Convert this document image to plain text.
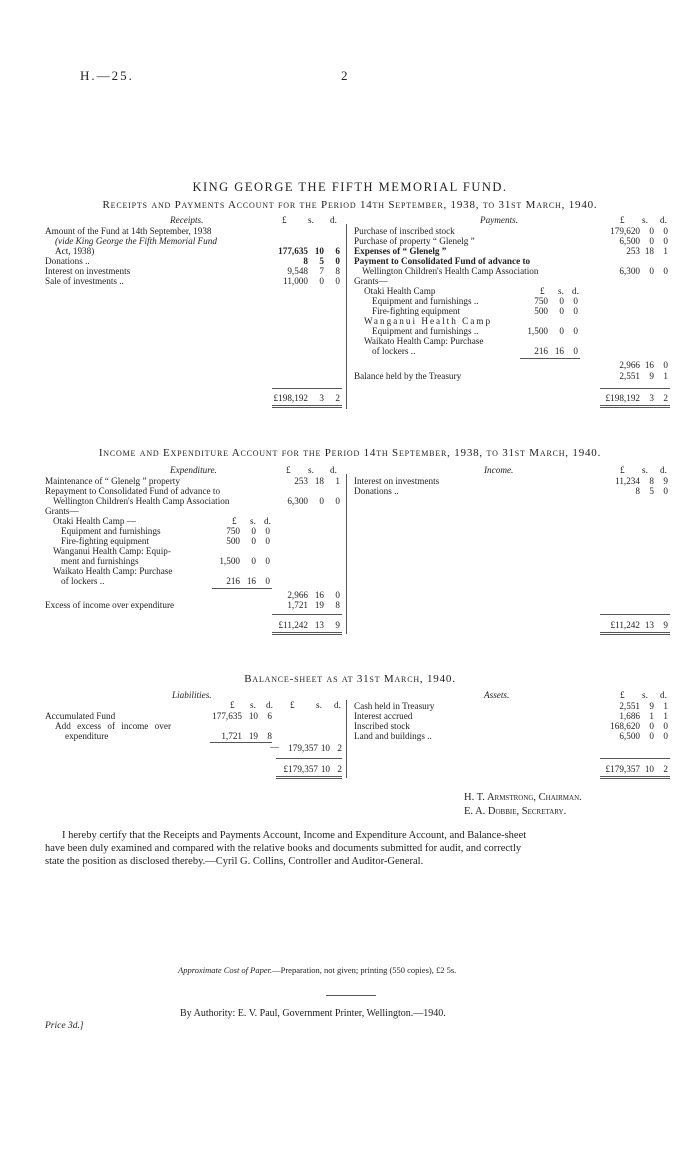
H.—25.	2
KING GEORGE THE FIFTH MEMORIAL FUND.
Receipts and Payments Account for the Period 14th September, 1938, to 31st March, 1940.
Receipts.	Payments.
£ s. d.	£ s. d.
Amount of the Fund at 14th September, 1938
(vide King George the Fifth Memorial Fund
Act, 1938)	177,635 10	6
Donations ..	8	5	0
Interest on investments	9,548	7	8
Sale of investments ..	11,000	0	0
£198,192	3	2
Purchase of inscribed stock	179,620	0	0
Purchase of property “ Glenelg ”	6,500	0	0
Expenses of “ Glenelg ”	253 18	1
Payment to Consolidated Fund of advance to
Wellington Children's Health Camp Association	6,300	0	0
Grants—
Otaki Health Camp	£ s. d.
Equipment and furnishings ..	750	0	0
Fire-fighting equipment	500	0	0
Wanganui Health Camp
Equipment and furnishings ..	1,500	0	0
Waikato Health Camp: Purchase
of lockers ..	216 16	0
2,966 16	0
Balance held by the Treasury	2,551	9	1
£198,192	3	2
Income and Expenditure Account for the Period 14th September, 1938, to 31st March, 1940.
Expenditure.	Income.
£ s. d.	£ s. d.
Maintenance of “ Glenelg ” property	253 18	1
Repayment to Consolidated Fund of advance to
Wellington Children's Health Camp Association	6,300	0	0
Grants—
Otaki Health Camp —	£ s. d.
Equipment and furnishings	750	0	0
Fire-fighting equipment	500	0	0
Wanganui Health Camp: Equip-
ment and furnishings	1,500	0	0
Waikato Health Camp: Purchase
of lockers ..	216 16	0
2,966 16	0
Excess of income over expenditure	1,721 19	8
£11,242 13	9
Interest on investments	11,234	8	9
Donations ..	8	5	0
£11,242 13	9
Balance-sheet as at 31st March, 1940.
Liabilities.	Assets.
£ s. d. £ s. d.
£ s. d.
Accumulated Fund	177,635 10	6
Add excess of income over
expenditure	1,721 19	8
— 179,357 10 2
£179,357 10 2
Cash held in Treasury	2,551	9	1
Interest accrued	1,686	1	1
Inscribed stock	168,620	0	0
Land and buildings ..	6,500	0	0
£179,357 10	2
H. T. Armstrong, Chairman.
E. A. Dobbie, Secretary.
I hereby certify that the Receipts and Payments Account, Income and Expenditure Account, and Balance-sheet
have been duly examined and compared with the relative books and documents submitted for audit, and correctly
state the position as disclosed thereby.—Cyril G. Collins, Controller and Auditor-General.
Approximate Cost of Paper.—Preparation, not given; printing (550 copies), £2 5s.
By Authority: E. V. Paul, Government Printer, Wellington.—1940.
Price 3d.]
